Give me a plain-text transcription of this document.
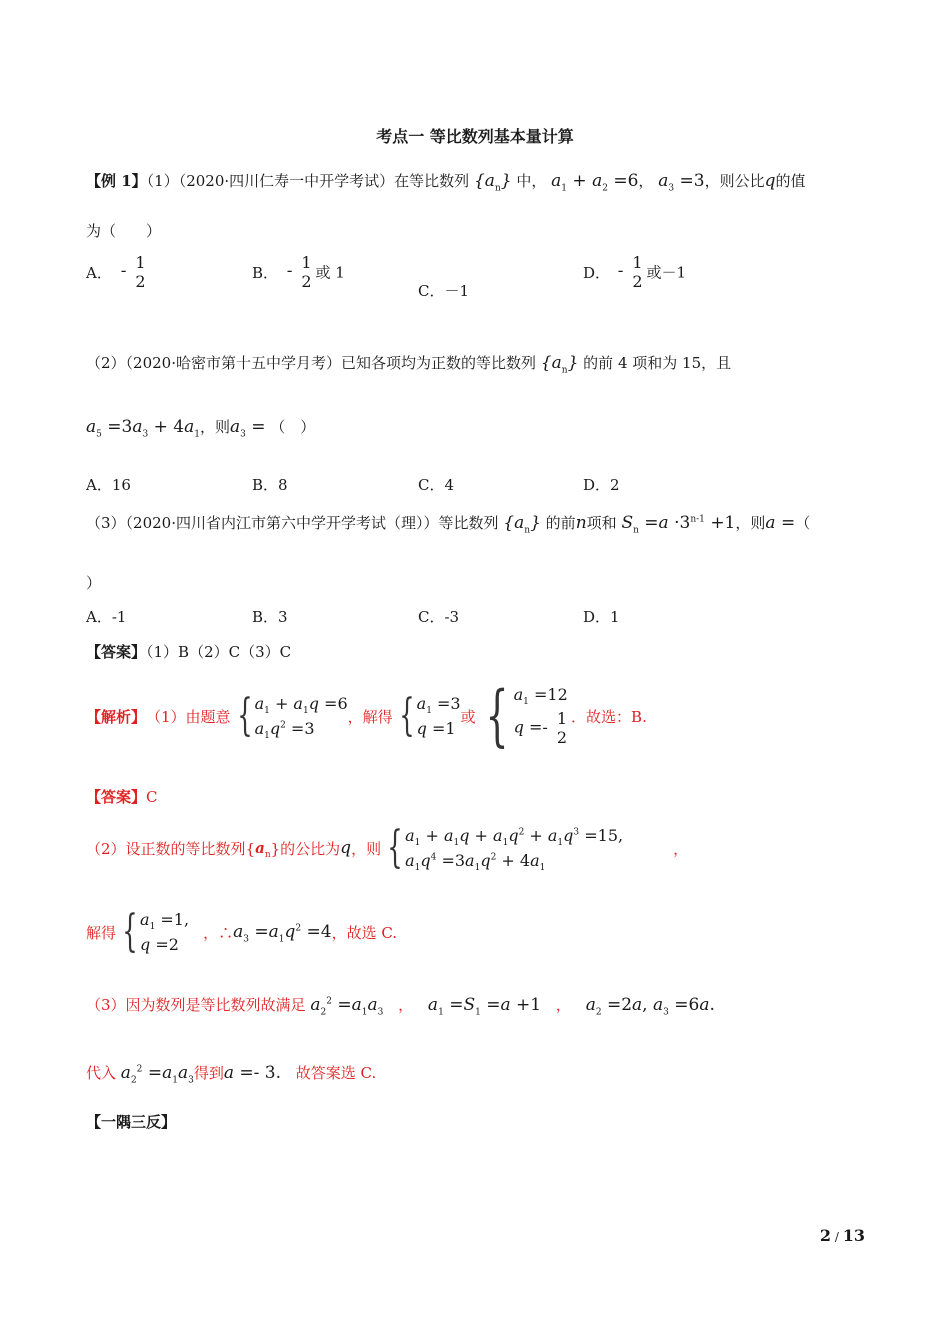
考点一 等比数列基本量计算
【例 1】（1）（2020·四川仁寿一中开学考试）在等比数列 $\{a_n\}$ 中， $a_1 + a_2 =6$， $a_3 =3$，则公比q的值
为（　　）
A． - 1
2	B． - 1
2 或 1
C．－1
D． - 1
2 或－1
（2）（2020·哈密市第十五中学月考）已知各项均为正数的等比数列 $\{a_n\}$ 的前 4 项和为 15，且
$a_5 =3a_3 + 4a_1$，则$a_3$ = （　）
A．16	B．8	C．4	D．2
（3）（2020·四川省内江市第六中学开学考试（理））等比数列 $\{a_n\}$ 的前n项和 $S_n =a \cdot 3^{n-1} +1$，则a =（
）
A．-1	B．3	C．-3	D．1
【答案】（1）B（2）C（3）C
【解析】 （1）由题意 { $a_1 + a_1q =6$
$a_1q^2 =3$
，解得 { $a_1 =3$
q =1
或 { $a_1 =12$
q =- 1
2
．故选：B.
【答案】C
（2）设正数的等比数列{ $a_n$ }的公比为 q ，则 { $a_1 + a_1q + a_1q^2 + a_1q^3 =15$,
$a_1q^4 =3a_1q^2 + 4a_1$
，
解得 { $a_1 =1$,
q =2
，∴ $a_3 =a_1q^2 =4$ ，故选 C.
（3）因为数列是等比数列故满足 $a_2^2 =a_1a_3$ ， $a_1 =S_1 =a +1$ ， $a_2 =2a$, $a_3 =6a$.
代入 $a_2^2 =a_1a_3$得到a =- 3. 故答案选 C.
【一隅三反】
2 / 13
